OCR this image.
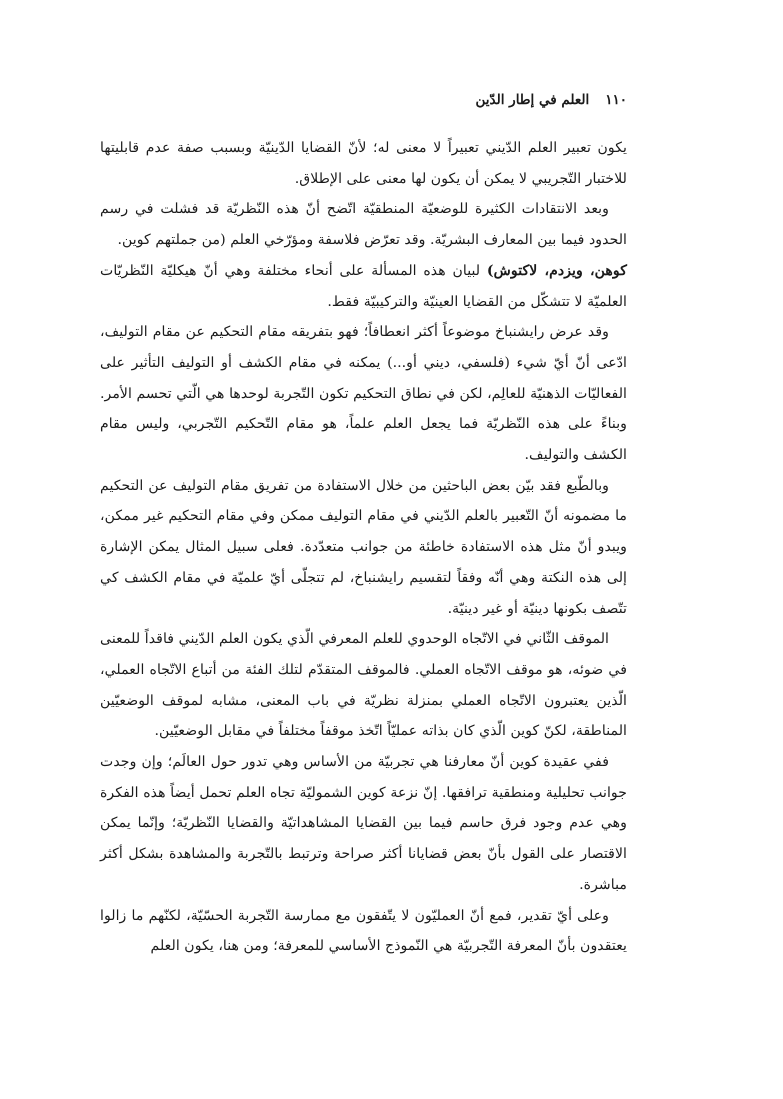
١١٠
العلم في إطار الدّين

يكون تعبير العلم الدّيني تعبيراً لا معنى له؛ لأنّ القضايا الدّينيّة وبسبب صفة عدم قابليتها للاختبار التّجريبي لا يمكن أن يكون لها معنى على الإطلاق.

وبعد الانتقادات الكثيرة للوضعيّة المنطقيّة اتّضح أنّ هذه النّظريّة قد فشلت في رسم الحدود فيما بين المعارف البشريّة. وقد تعرّض فلاسفة ومؤرّخي العلم (من جملتهم كوين.

كوهن، ويزدم، لاكتوش) لبيان هذه المسألة على أنحاء مختلفة وهي أنّ هيكليّة النّظريّات العلميّة لا تتشكّل من القضايا العينيّة والتركيبيّة فقط.

وقد عرض رايشنباخ موضوعاً أكثر انعطافاً؛ فهو بتفريقه مقام التحكيم عن مقام التوليف، ادّعى أنّ أيّ شيء (فلسفي، ديني أو...) يمكنه في مقام الكشف أو التوليف التأثير على الفعاليّات الذهنيّة للعالِم، لكن في نطاق التحكيم تكون التّجربة لوحدها هي الّتي تحسم الأمر. وبناءً على هذه النّظريّة فما يجعل العلم علماً، هو مقام التّحكيم التّجربي، وليس مقام الكشف والتوليف.

وبالطّبع فقد بيّن بعض الباحثين من خلال الاستفادة من تفريق مقام التوليف عن التحكيم ما مضمونه أنّ التّعبير بالعلم الدّيني في مقام التوليف ممكن وفي مقام التحكيم غير ممكن، ويبدو أنّ مثل هذه الاستفادة خاطئة من جوانب متعدّدة. فعلى سبيل المثال يمكن الإشارة إلى هذه النكتة وهي أنّه وفقاً لتقسيم رايشنباخ، لم تتجلّى أيّ علميّة في مقام الكشف كي تتّصف بكونها دينيّة أو غير دينيّة.

الموقف الثّاني في الاتّجاه الوحدوي للعلم المعرفي الّذي يكون العلم الدّيني فاقداً للمعنى في ضوئه، هو موقف الاتّجاه العملي. فالموقف المتقدّم لتلك الفئة من أتباع الاتّجاه العملي، الّذين يعتبرون الاتّجاه العملي بمنزلة نظريّة في باب المعنى، مشابه لموقف الوضعيّين المناطقة، لكنّ كوين الّذي كان بذاته عمليّاً اتّخذ موقفاً مختلفاً في مقابل الوضعيّين.

ففي عقيدة كوين أنّ معارفنا هي تجربيّة من الأساس وهي تدور حول العالَم؛ وإن وجدت جوانب تحليلية ومنطقية ترافقها. إنّ نزعة كوين الشموليّة تجاه العلم تحمل أيضاً هذه الفكرة وهي عدم وجود فرق حاسم فيما بين القضايا المشاهداتيّة والقضايا النّظريّة؛ وإنّما يمكن الاقتصار على القول بأنّ بعض قضايانا أكثر صراحة وترتبط بالتّجربة والمشاهدة بشكل أكثر مباشرة.

وعلى أيّ تقدير، فمع أنّ العمليّون لا يتّفقون مع ممارسة التّجربة الحسّيّة، لكنّهم ما زالوا يعتقدون بأنّ المعرفة التّجربيّة هي النّموذج الأساسي للمعرفة؛ ومن هنا، يكون العلم
